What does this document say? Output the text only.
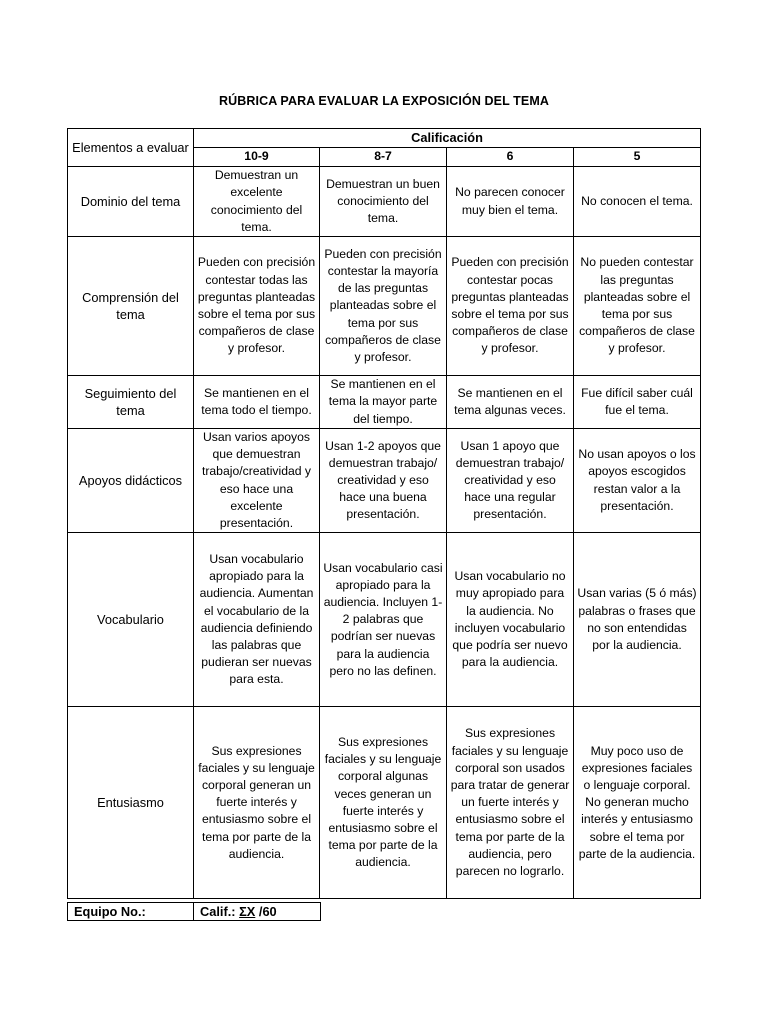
RÚBRICA PARA EVALUAR LA EXPOSICIÓN DEL TEMA
Elementos a evaluar	Calificación			
	10-9	8-7	6	5
Dominio del tema	Demuestran un excelente conocimiento del tema.	Demuestran un buen conocimiento del tema.	No parecen conocer muy bien el tema.	No conocen el tema.
Comprensión del tema	Pueden con precisión contestar todas las preguntas planteadas sobre el tema por sus compañeros de clase y profesor.	Pueden con precisión contestar la mayoría de las preguntas planteadas sobre el tema por sus compañeros de clase y profesor.	Pueden con precisión contestar pocas preguntas planteadas sobre el tema por sus compañeros de clase y profesor.	No pueden contestar las preguntas planteadas sobre el tema por sus compañeros de clase y profesor.
Seguimiento del tema	Se mantienen en el tema todo el tiempo.	Se mantienen en el tema la mayor parte del tiempo.	Se mantienen en el tema algunas veces.	Fue difícil saber cuál fue el tema.
Apoyos didácticos	Usan varios apoyos que demuestran trabajo/creatividad y eso hace una excelente presentación.	Usan 1-2 apoyos que demuestran trabajo/ creatividad y eso hace una buena presentación.	Usan 1 apoyo que demuestran trabajo/ creatividad y eso hace una regular presentación.	No usan apoyos o los apoyos escogidos restan valor a la presentación.
Vocabulario	Usan vocabulario apropiado para la audiencia. Aumentan el vocabulario de la audiencia definiendo las palabras que pudieran ser nuevas para esta.	Usan vocabulario casi apropiado para la audiencia. Incluyen 1-2 palabras que podrían ser nuevas para la audiencia pero no las definen.	Usan vocabulario no muy apropiado para la audiencia. No incluyen vocabulario que podría ser nuevo para la audiencia.	Usan varias (5 ó más) palabras o frases que no son entendidas por la audiencia.
Entusiasmo	Sus expresiones faciales y su lenguaje corporal generan un fuerte interés y entusiasmo sobre el tema por parte de la audiencia.	Sus expresiones faciales y su lenguaje corporal algunas veces generan un fuerte interés y entusiasmo sobre el tema por parte de la audiencia.	Sus expresiones faciales y su lenguaje corporal son usados para tratar de generar un fuerte interés y entusiasmo sobre el tema por parte de la audiencia, pero parecen no lograrlo.	Muy poco uso de expresiones faciales o lenguaje corporal. No generan mucho interés y entusiasmo sobre el tema por parte de la audiencia.
Equipo No.:	Calif.: ΣX /60
